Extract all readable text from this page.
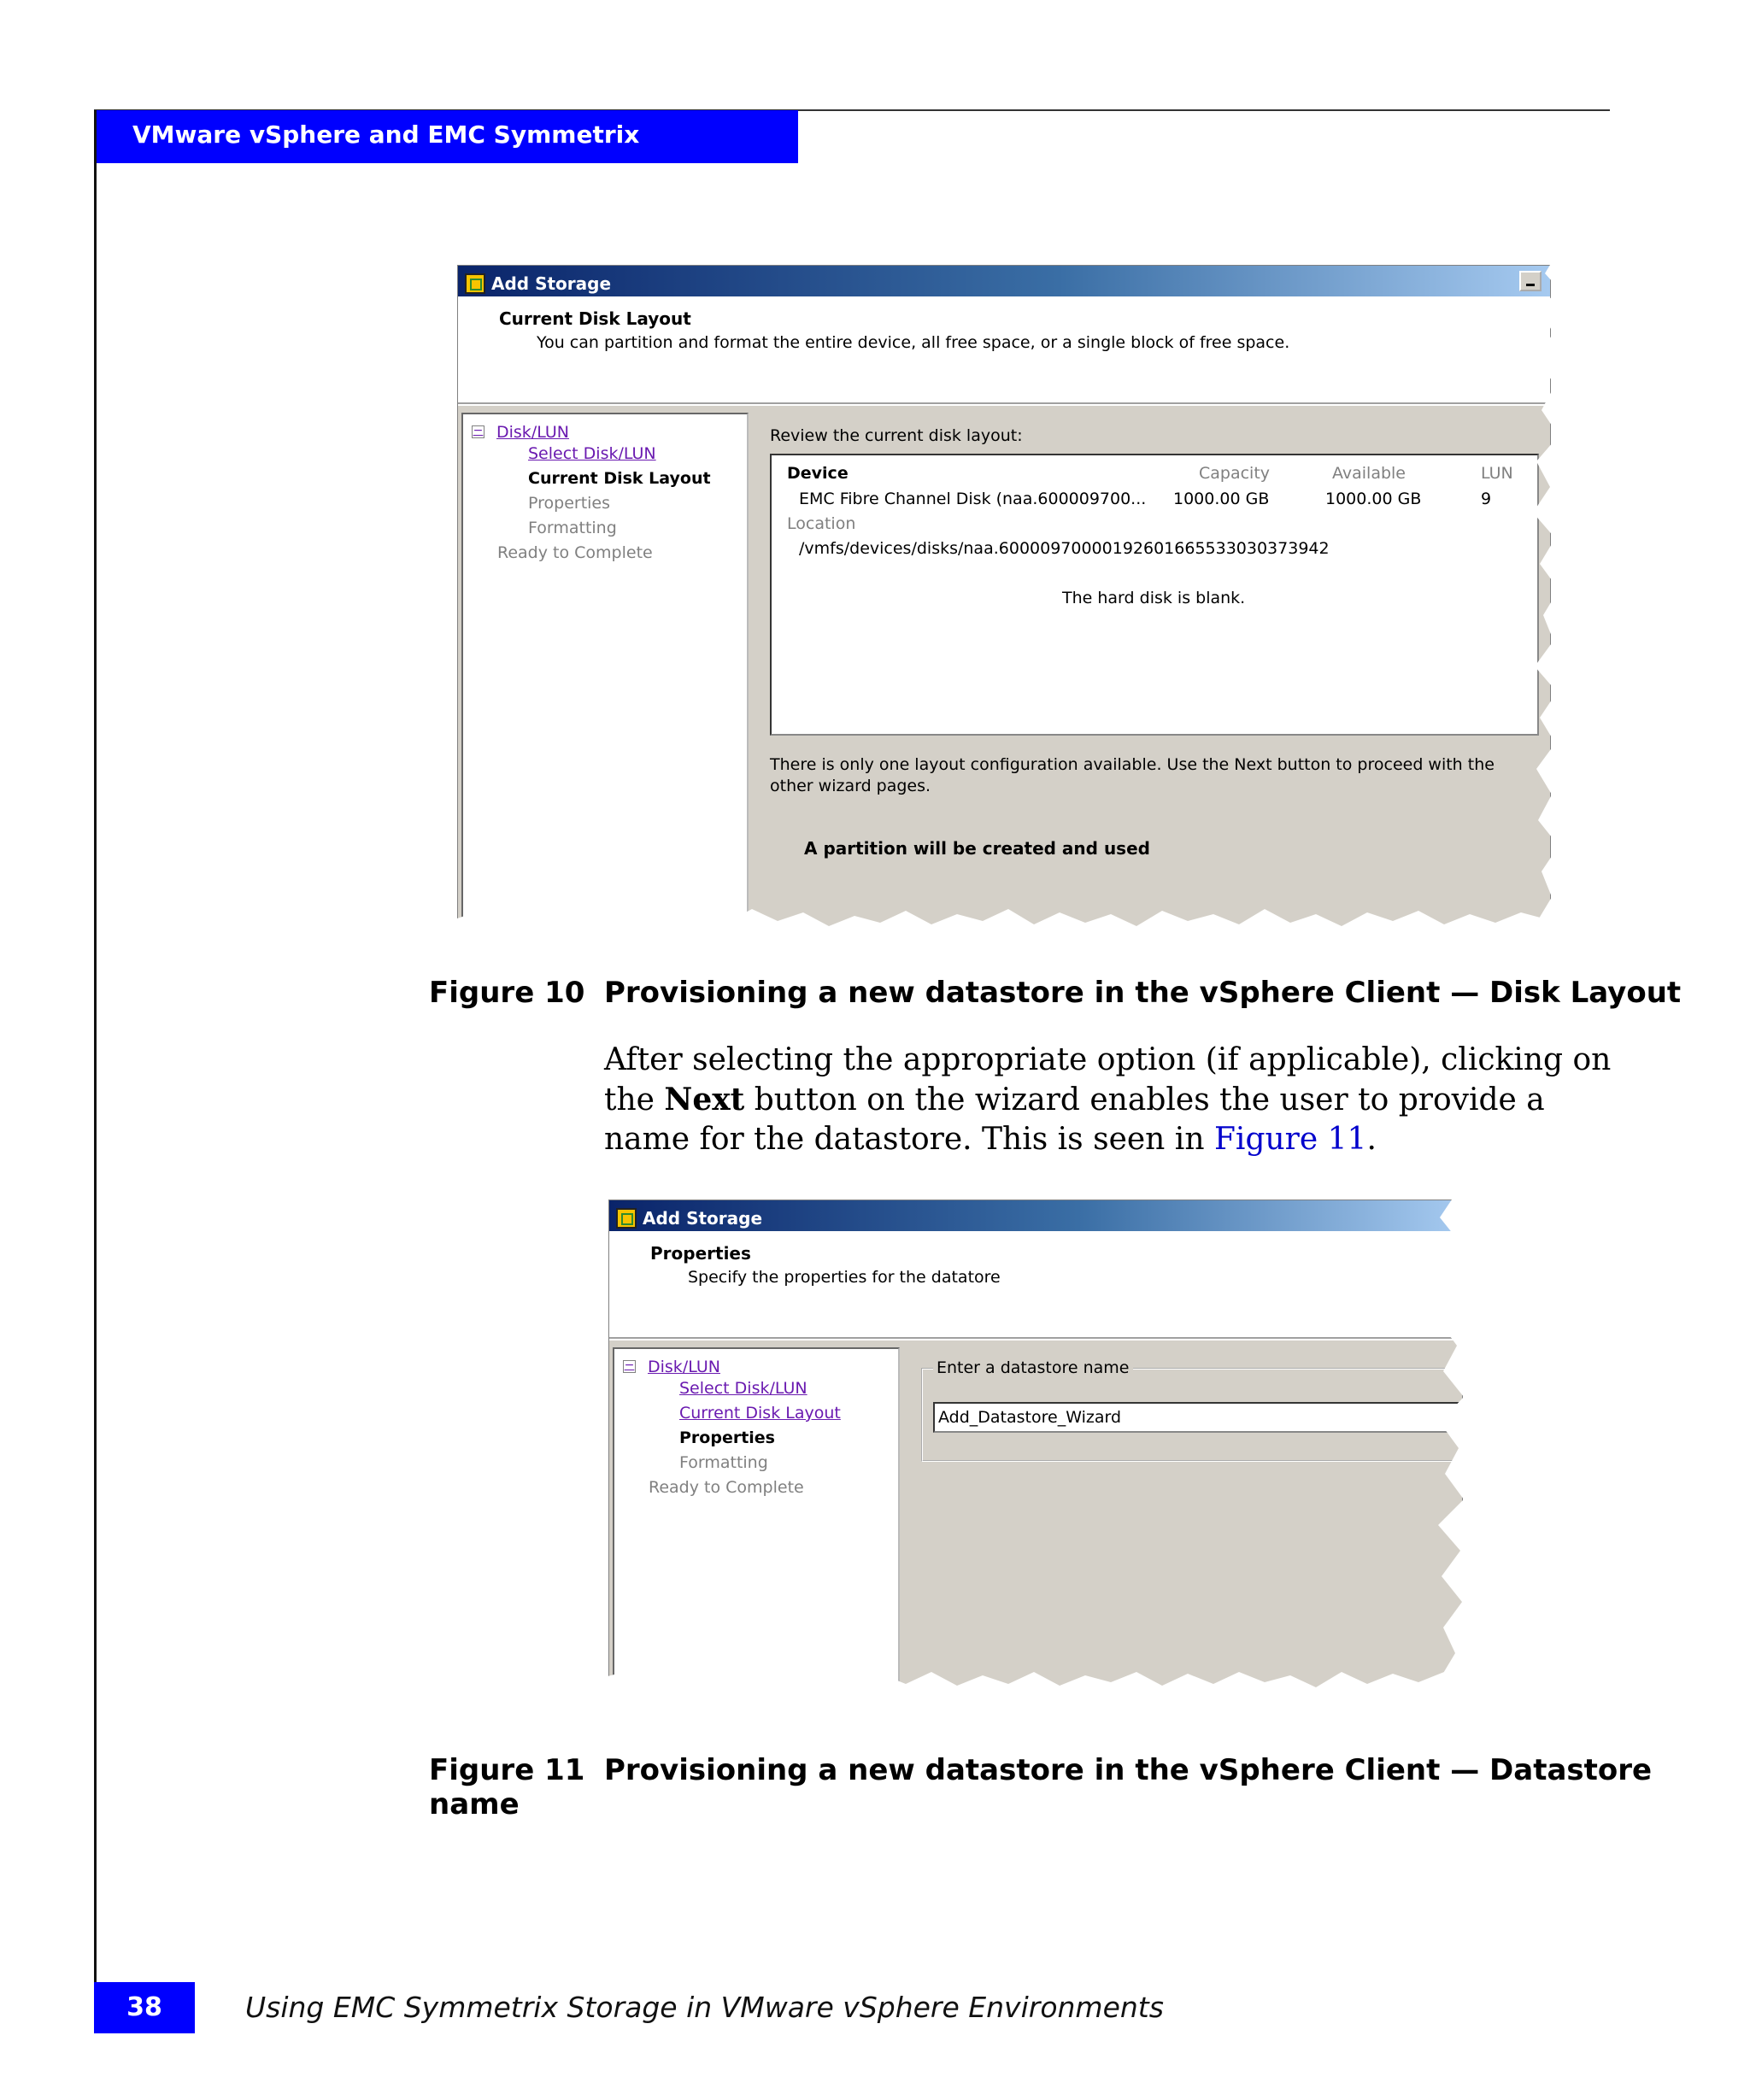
VMware vSphere and EMC Symmetrix
Add Storage
Current Disk Layout
You can partition and format the entire device, all free space, or a single block of free space.
− Disk/LUN
Select Disk/LUN
Current Disk Layout
Properties
Formatting
Ready to Complete
Review the current disk layout:
Device	Capacity	Available	LUN
EMC Fibre Channel Disk (naa.600009700... 1000.00 GB	1000.00 GB	9
Location
/vmfs/devices/disks/naa.60000970000192601665533030373942
The hard disk is blank.
There is only one layout configuration available. Use the Next button to proceed with the other wizard pages.
A partition will be created and used
Figure 10 Provisioning a new datastore in the vSphere Client — Disk Layout
After selecting the appropriate option (if applicable), clicking on the Next button on the wizard enables the user to provide a name for the datastore. This is seen in Figure 11.
Add Storage
Properties
Specify the properties for the datatore
− Disk/LUN
Select Disk/LUN
Current Disk Layout
Properties
Formatting
Ready to Complete
Enter a datastore name
Add_Datastore_Wizard
Figure 11 Provisioning a new datastore in the vSphere Client — Datastore name
38	Using EMC Symmetrix Storage in VMware vSphere Environments
